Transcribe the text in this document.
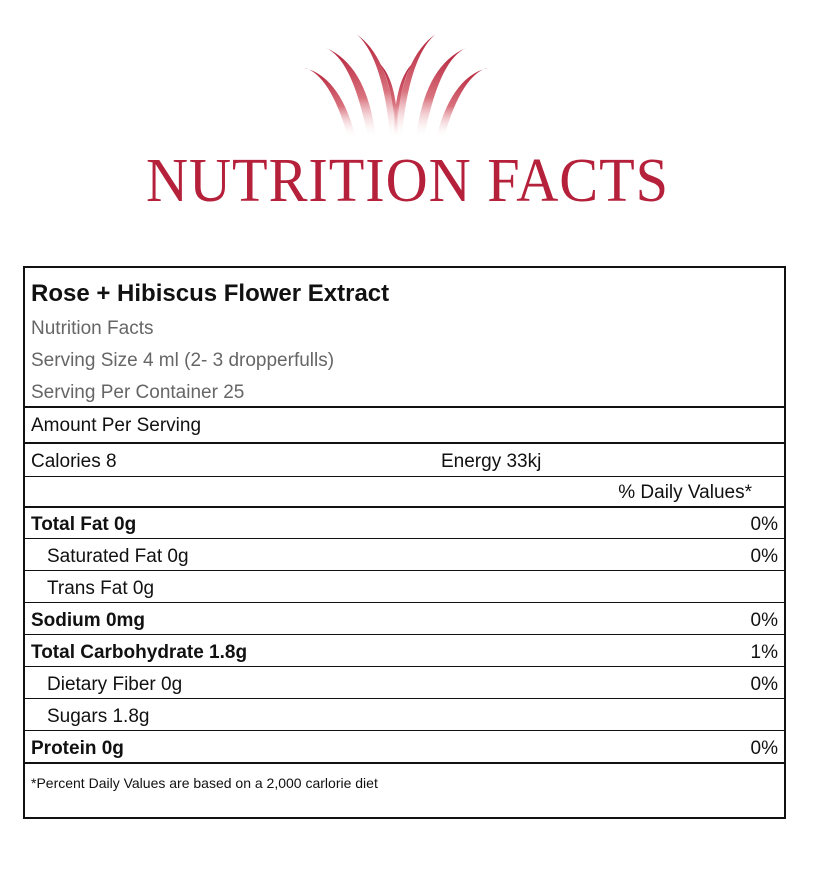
NUTRITION FACTS
Rose + Hibiscus Flower Extract
Nutrition Facts
Serving Size 4 ml (2- 3 dropperfulls)
Serving Per Container 25
Amount Per Serving
Calories 8	Energy 33kj
% Daily Values*
Total Fat 0g	0%
Saturated Fat 0g	0%
Trans Fat 0g
Sodium 0mg	0%
Total Carbohydrate 1.8g	1%
Dietary Fiber 0g	0%
Sugars 1.8g
Protein 0g	0%
*Percent Daily Values are based on a 2,000 carlorie diet
